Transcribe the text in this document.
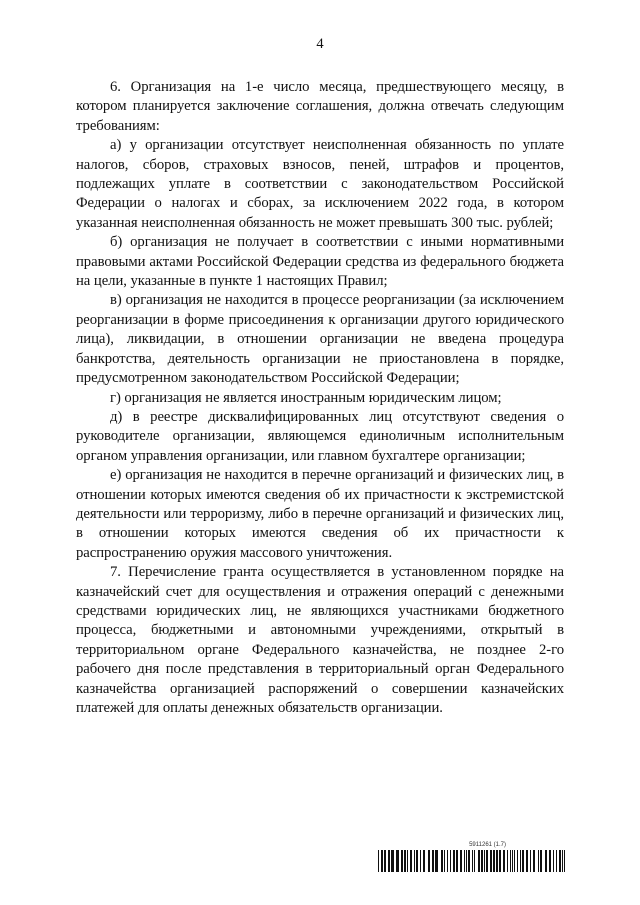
4

6. Организация на 1-е число месяца, предшествующего месяцу, в котором планируется заключение соглашения, должна отвечать следующим требованиям:

а) у организации отсутствует неисполненная обязанность по уплате налогов, сборов, страховых взносов, пеней, штрафов и процентов, подлежащих уплате в соответствии с законодательством Российской Федерации о налогах и сборах, за исключением 2022 года, в котором указанная неисполненная обязанность не может превышать 300 тыс. рублей;

б) организация не получает в соответствии с иными нормативными правовыми актами Российской Федерации средства из федерального бюджета на цели, указанные в пункте 1 настоящих Правил;

в) организация не находится в процессе реорганизации (за исключением реорганизации в форме присоединения к организации другого юридического лица), ликвидации, в отношении организации не введена процедура банкротства, деятельность организации не приостановлена в порядке, предусмотренном законодательством Российской Федерации;

г) организация не является иностранным юридическим лицом;

д) в реестре дисквалифицированных лиц отсутствуют сведения о руководителе организации, являющемся единоличным исполнительным органом управления организации, или главном бухгалтере организации;

е) организация не находится в перечне организаций и физических лиц, в отношении которых имеются сведения об их причастности к экстремистской деятельности или терроризму, либо в перечне организаций и физических лиц, в отношении которых имеются сведения об их причастности к распространению оружия массового уничтожения.

7. Перечисление гранта осуществляется в установленном порядке на казначейский счет для осуществления и отражения операций с денежными средствами юридических лиц, не являющихся участниками бюджетного процесса, бюджетными и автономными учреждениями, открытый в территориальном органе Федерального казначейства, не позднее 2-го рабочего дня после представления в территориальный орган Федерального казначейства организацией распоряжений о совершении казначейских платежей для оплаты денежных обязательств организации.

5911261 (1.7)
